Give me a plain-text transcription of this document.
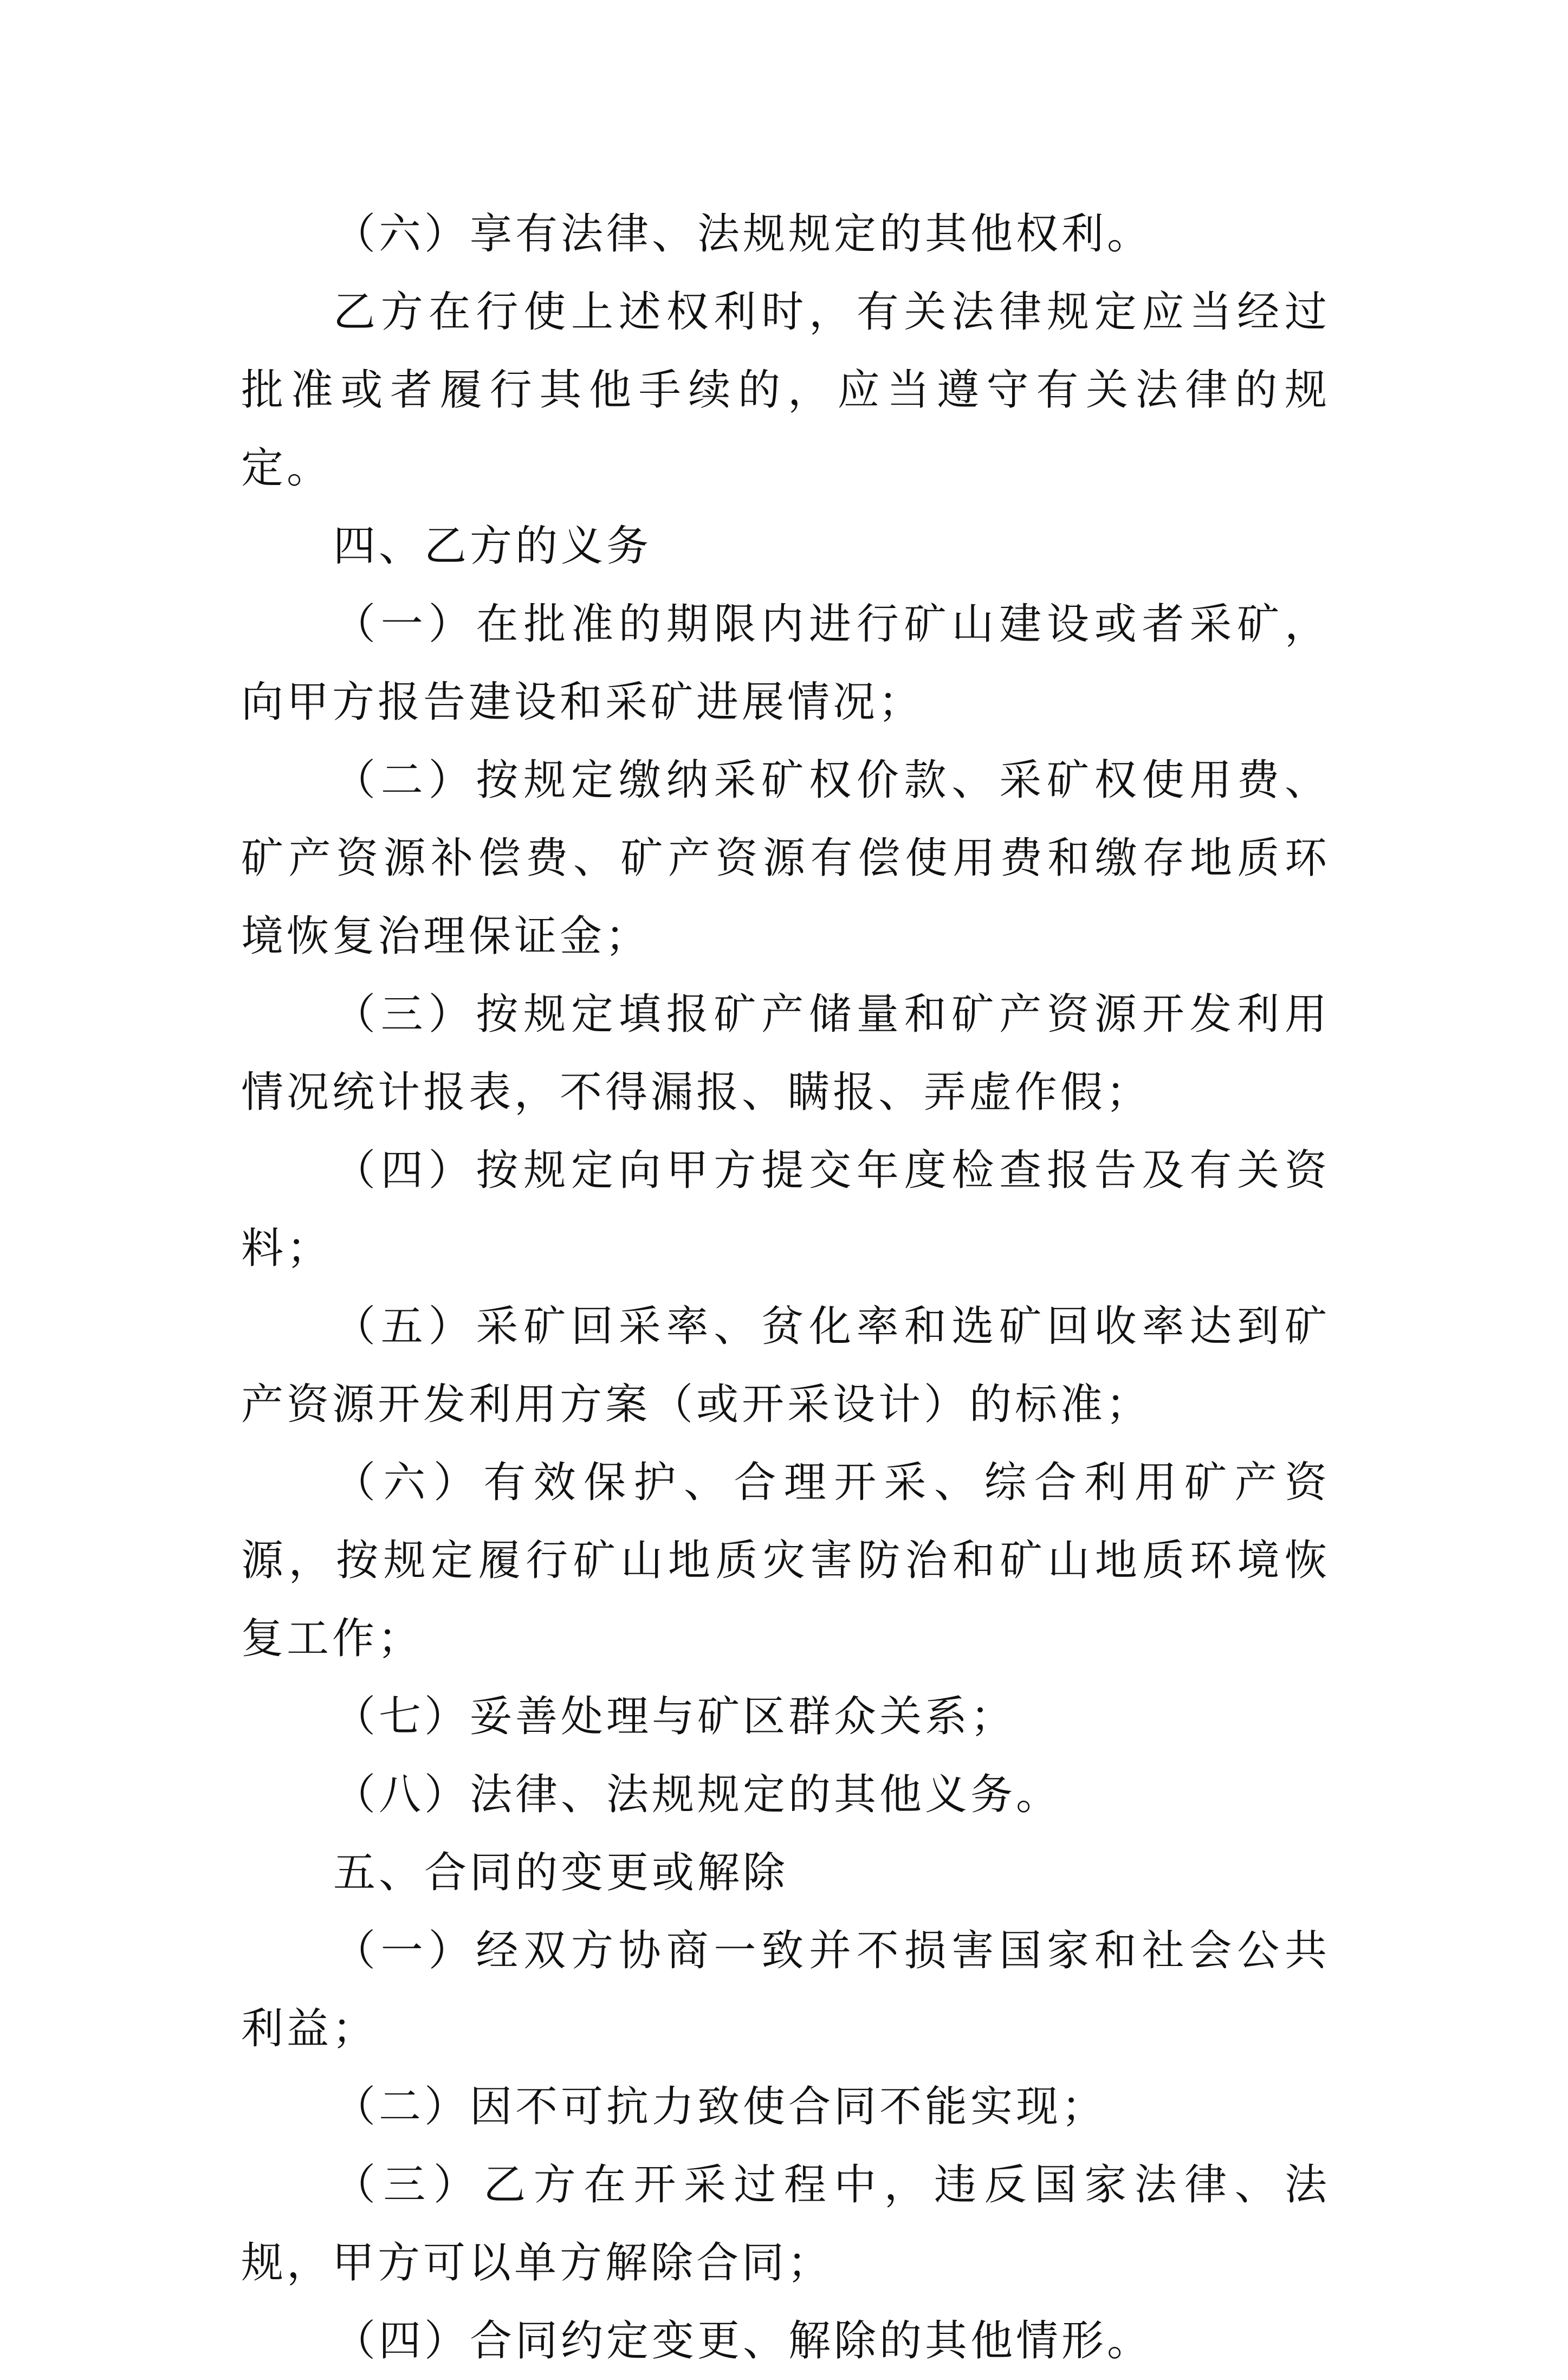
（六）享有法律、法规规定的其他权利。

乙方在行使上述权利时，有关法律规定应当经过批准或者履行其他手续的，应当遵守有关法律的规定。

四、乙方的义务

（一）在批准的期限内进行矿山建设或者采矿，向甲方报告建设和采矿进展情况；

（二）按规定缴纳采矿权价款、采矿权使用费、矿产资源补偿费、矿产资源有偿使用费和缴存地质环境恢复治理保证金；

（三）按规定填报矿产储量和矿产资源开发利用情况统计报表，不得漏报、瞒报、弄虚作假；

（四）按规定向甲方提交年度检查报告及有关资料；

（五）采矿回采率、贫化率和选矿回收率达到矿产资源开发利用方案（或开采设计）的标准；

（六）有效保护、合理开采、综合利用矿产资源，按规定履行矿山地质灾害防治和矿山地质环境恢复工作；

（七）妥善处理与矿区群众关系；

（八）法律、法规规定的其他义务。

五、合同的变更或解除

（一）经双方协商一致并不损害国家和社会公共利益；

（二）因不可抗力致使合同不能实现；

（三）乙方在开采过程中，违反国家法律、法规，甲方可以单方解除合同；

（四）合同约定变更、解除的其他情形。
